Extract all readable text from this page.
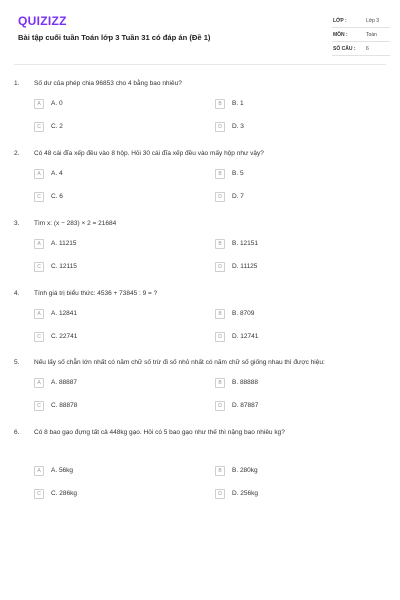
QUIZIZZ
Bài tập cuối tuần Toán lớp 3 Tuần 31 có đáp án (Đề 1)
LỚP :	Lớp 3
MÔN :	Toán
SỐ CÂU : 6
1. Số dư của phép chia 96853 cho 4 bằng bao nhiêu?
A	A. 0	B	B. 1
C	C. 2	D	D. 3
2. Có 48 cái đĩa xếp đều vào 8 hộp. Hỏi 30 cái đĩa xếp đều vào mấy hộp như vậy?
A	A. 4	B	B. 5
C	C. 6	D	D. 7
3. Tìm x: (x − 283) × 2 = 21684
A	A. 11215	B	B. 12151
C	C. 12115	D	D. 11125
4. Tính giá trị biểu thức: 4536 + 73845 : 9 = ?
A	A. 12841	B	B. 8709
C	C. 22741	D	D. 12741
5. Nếu lấy số chẵn lớn nhất có năm chữ số trừ đi số nhỏ nhất có năm chữ số giống nhau thì được hiệu:
A	A. 88887	B	B. 88888
C	C. 88878	D	D. 87887
6. Có 8 bao gạo đựng tất cả 448kg gạo. Hỏi có 5 bao gạo như thế thì nặng bao nhiêu kg?
A	A. 56kg	B	B. 280kg
C	C. 286kg	D	D. 256kg
